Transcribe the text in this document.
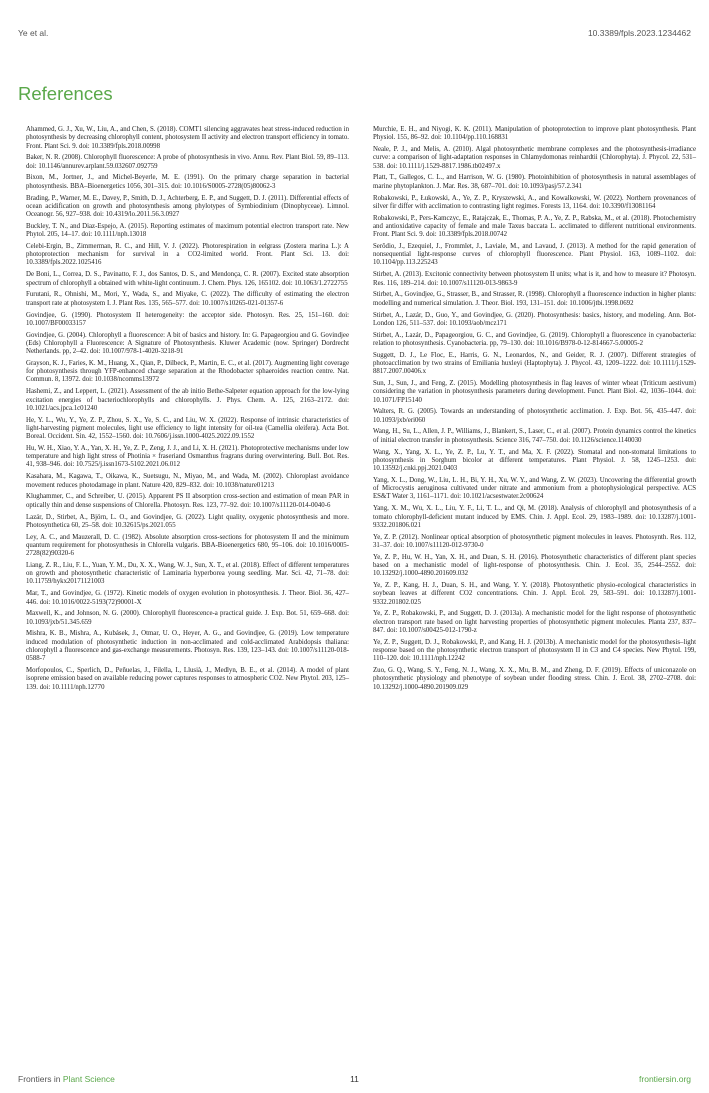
Ye et al.	10.3389/fpls.2023.1234462
References

Ahammed, G. J., Xu, W., Liu, A., and Chen, S. (2018). COMT1 silencing aggravates heat stress-induced reduction in photosynthesis by decreasing chlorophyll content, photosystem II activity and electron transport efficiency in tomato. Front. Plant Sci. 9. doi: 10.3389/fpls.2018.00998

Baker, N. R. (2008). Chlorophyll fluorescence: A probe of photosynthesis in vivo. Annu. Rev. Plant Biol. 59, 89–113. doi: 10.1146/annurev.arplant.59.032607.092759

Bixon, M., Jortner, J., and Michel-Beyerle, M. E. (1991). On the primary charge separation in bacterial photosynthesis. BBA–Bioenergetics 1056, 301–315. doi: 10.1016/S0005-2728(05)80062-3

Brading, P., Warner, M. E., Davey, P., Smith, D. J., Achterberg, E. P., and Suggett, D. J. (2011). Differential effects of ocean acidification on growth and photosynthesis among phylotypes of Symbiodinium (Dinophyceae). Limnol. Oceanogr. 56, 927–938. doi: 10.4319/lo.2011.56.3.0927

Buckley, T. N., and Diaz-Espejo, A. (2015). Reporting estimates of maximum potential electron transport rate. New Phytol. 205, 14–17. doi: 10.1111/nph.13018

Celebi-Ergin, B., Zimmerman, R. C., and Hill, V. J. (2022). Photorespiration in eelgrass (Zostera marina L.): A photoprotection mechanism for survival in a CO2-limited world. Front. Plant Sci. 13. doi: 10.3389/fpls.2022.1025416

De Boni, L., Correa, D. S., Pavinatto, F. J., dos Santos, D. S., and Mendonça, C. R. (2007). Excited state absorption spectrum of chlorophyll a obtained with white-light continuum. J. Chem. Phys. 126, 165102. doi: 10.1063/1.2722755

Furutani, R., Ohnishi, M., Mori, Y., Wada, S., and Miyake, C. (2022). The difficulty of estimating the electron transport rate at photosystem I. J. Plant Res. 135, 565–577. doi: 10.1007/s10265-021-01357-6

Govindjee, G. (1990). Photosystem II heterogeneity: the acceptor side. Photosyn. Res. 25, 151–160. doi: 10.1007/BF00033157

Govindjee, G. (2004). Chlorophyll a fluorescence: A bit of basics and history. In: G. Papageorgiou and G. Govindjee (Eds) Chlorophyll a Fluorescence: A Signature of Photosynthesis. Kluwer Academic (now. Springer) Dordrecht Netherlands. pp, 2–42. doi: 10.1007/978-1-4020-3218-91

Grayson, K. J., Faries, K. M., Huang, X., Qian, P., Dilbeck, P., Martin, E. C., et al. (2017). Augmenting light coverage for photosynthesis through YFP-enhanced charge separation at the Rhodobacter sphaeroides reaction centre. Nat. Commun. 8, 13972. doi: 10.1038/ncomms13972

Hashemi, Z., and Leppert, L. (2021). Assessment of the ab initio Bethe-Salpeter equation approach for the low-lying excitation energies of bacteriochlorophylls and chlorophylls. J. Phys. Chem. A. 125, 2163–2172. doi: 10.1021/acs.jpca.1c01240

He, Y. L., Wu, Y., Ye, Z. P., Zhou, S. X., Ye, S. C., and Liu, W. X. (2022). Response of intrinsic characteristics of light-harvesting pigment molecules, light use efficiency to light intensity for oil-tea (Camellia oleifera). Acta Bot. Boreal. Occident. Sin. 42, 1552–1560. doi: 10.7606/j.issn.1000-4025.2022.09.1552

Hu, W. H., Xiao, Y. A., Yan, X. H., Ye, Z. P., Zeng, J. J., and Li, X. H. (2021). Photoprotective mechanisms under low temperature and high light stress of Photinia × fraseriand Osmanthus fragrans during overwintering. Bull. Bot. Res. 41, 938–946. doi: 10.7525/j.issn1673-5102.2021.06.012

Kasahara, M., Kagawa, T., Oikawa, K., Suetsugu, N., Miyao, M., and Wada, M. (2002). Chloroplast avoidance movement reduces photodamage in plant. Nature 420, 829–832. doi: 10.1038/nature01213

Klughammer, C., and Schreiber, U. (2015). Apparent PS II absorption cross-section and estimation of mean PAR in optically thin and dense suspensions of Chlorella. Photosyn. Res. 123, 77–92. doi: 10.1007/s11120-014-0040-6

Lazár, D., Stirbet, A., Björn, L. O., and Govindjee, G. (2022). Light quality, oxygenic photosynthesis and more. Photosynthetica 60, 25–58. doi: 10.32615/ps.2021.055

Ley, A. C., and Mauzerall, D. C. (1982). Absolute absorption cross-sections for photosystem II and the minimum quantum requirement for photosynthesis in Chlorella vulgaris. BBA-Bioenergetics 680, 95–106. doi: 10.1016/0005-2728(82)90320-6

Liang, Z. R., Liu, F. L., Yuan, Y. M., Du, X. X., Wang, W. J., Sun, X. T., et al. (2018). Effect of different temperatures on growth and photosynthetic characteristic of Laminaria hyperborea young seedling. Mar. Sci. 42, 71–78. doi: 10.11759/hykx20171121003

Mar, T., and Govindjee, G. (1972). Kinetic models of oxygen evolution in photosynthesis. J. Theor. Biol. 36, 427–446. doi: 10.1016/0022-5193(72)90001-X

Maxwell, K., and Johnson, N. G. (2000). Chlorophyll fluorescence-a practical guide. J. Exp. Bot. 51, 659–668. doi: 10.1093/jxb/51.345.659

Mishra, K. B., Mishra, A., Kubásek, J., Otmar, U. O., Heyer, A. G., and Govindjee, G. (2019). Low temperature induced modulation of photosynthetic induction in non-acclimated and cold-acclimated Arabidopsis thaliana: chlorophyll a fluorescence and gas-exchange measurements. Photosyn. Res. 139, 123–143. doi: 10.1007/s11120-018-0588-7

Morfopoulos, C., Sperlich, D., Peñuelas, J., Filella, I., Llusià, J., Medlyn, B. E., et al. (2014). A model of plant isoprene emission based on available reducing power captures responses to atmospheric CO2. New Phytol. 203, 125–139. doi: 10.1111/nph.12770

Murchie, E. H., and Niyogi, K. K. (2011). Manipulation of photoprotection to improve plant photosynthesis. Plant Physiol. 155, 86–92. doi: 10.1104/pp.110.168831

Neale, P. J., and Melis, A. (2010). Algal photosynthetic membrane complexes and the photosynthesis-irradiance curve: a comparison of light-adaptation responses in Chlamydomonas reinhardtii (Chlorophyta). J. Phycol. 22, 531–538. doi: 10.1111/j.1529-8817.1986.tb02497.x

Platt, T., Gallegos, C. L., and Harrison, W. G. (1980). Photoinhibition of photosynthesis in natural assemblages of marine phytoplankton. J. Mar. Res. 38, 687–701. doi: 10.1093/pasj/57.2.341

Robakowski, P., Łukowski, A., Ye, Z. P., Kryszewski, A., and Kowalkowski, W. (2022). Northern provenances of silver fir differ with acclimation to contrasting light regimes. Forests 13, 1164. doi: 10.3390/f13081164

Robakowski, P., Pers-Kamczyc, E., Ratajczak, E., Thomas, P. A., Ye, Z. P., Rabska, M., et al. (2018). Photochemistry and antioxidative capacity of female and male Taxus baccata L. acclimated to different nutritional environments. Front. Plant Sci. 9. doi: 10.3389/fpls.2018.00742

Serôdio, J., Ezequiel, J., Frommlet, J., Laviale, M., and Lavaud, J. (2013). A method for the rapid generation of nonsequential light-response curves of chlorophyll fluorescence. Plant Physiol. 163, 1089–1102. doi: 10.1104/pp.113.225243

Stirbet, A. (2013). Excitonic connectivity between photosystem II units; what is it, and how to measure it? Photosyn. Res. 116, 189–214. doi: 10.1007/s11120-013-9863-9

Stirbet, A., Govindjee, G., Strasser, B., and Strasser, R. (1998). Chlorophyll a fluorescence induction in higher plants: modelling and numerical simulation. J. Theor. Biol. 193, 131–151. doi: 10.1006/jtbi.1998.0692

Stirbet, A., Lazár, D., Guo, Y., and Govindjee, G. (2020). Photosynthesis: basics, history, and modeling. Ann. Bot-London 126, 511–537. doi: 10.1093/aob/mcz171

Stirbet, A., Lazár, D., Papageorgiou, G. C., and Govindjee, G. (2019). Chlorophyll a fluorescence in cyanobacteria: relation to photosynthesis. Cyanobacteria. pp, 79–130. doi: 10.1016/B978-0-12-814667-5.00005-2

Suggett, D. J., Le Floc, E., Harris, G. N., Leonardos, N., and Geider, R. J. (2007). Different strategies of photoacclimation by two strains of Emiliania huxleyi (Haptophyta). J. Phycol. 43, 1209–1222. doi: 10.1111/j.1529-8817.2007.00406.x

Sun, J., Sun, J., and Feng, Z. (2015). Modelling photosynthesis in flag leaves of winter wheat (Triticum aestivum) considering the variation in photosynthesis parameters during development. Funct. Plant Biol. 42, 1036–1044. doi: 10.1071/FP15140

Walters, R. G. (2005). Towards an understanding of photosynthetic acclimation. J. Exp. Bot. 56, 435–447. doi: 10.1093/jxb/eri060

Wang, H., Su, L., Allen, J. P., Williams, J., Blankert, S., Laser, C., et al. (2007). Protein dynamics control the kinetics of initial electron transfer in photosynthesis. Science 316, 747–750. doi: 10.1126/science.1140030

Wang, X., Yang, X. L., Ye, Z. P., Lu, Y. T., and Ma, X. F. (2022). Stomatal and non-stomatal limitations to photosynthesis in Sorghum bicolor at different temperatures. Plant Physiol. J. 58, 1245–1253. doi: 10.13592/j.cnki.ppj.2021.0403

Yang, X. L., Dong, W., Liu, L. H., Bi, Y. H., Xu, W. Y., and Wang, Z. W. (2023). Uncovering the differential growth of Microcystis aeruginosa cultivated under nitrate and ammonium from a photophysiological perspective. ACS ES&T Water 3, 1161–1171. doi: 10.1021/acsestwater.2c00624

Yang, X. M., Wu, X. L., Liu, Y. F., Li, T. L., and Qi, M. (2018). Analysis of chlorophyll and photosynthesis of a tomato chlorophyll-deficient mutant induced by EMS. Chin. J. Appl. Ecol. 29, 1983–1989. doi: 10.13287/j.1001-9332.201806.021

Ye, Z. P. (2012). Nonlinear optical absorption of photosynthetic pigment molecules in leaves. Photosynth. Res. 112, 31–37. doi: 10.1007/s11120-012-9730-0

Ye, Z. P., Hu, W. H., Yan, X. H., and Duan, S. H. (2016). Photosynthetic characteristics of different plant species based on a mechanistic model of light-response of photosynthesis. Chin. J. Ecol. 35, 2544–2552. doi: 10.13292/j.1000-4890.201609.032

Ye, Z. P., Kang, H. J., Duan, S. H., and Wang, Y. Y. (2018). Photosynthetic physio-ecological characteristics in soybean leaves at different CO2 concentrations. Chin. J. Appl. Ecol. 29, 583–591. doi: 10.13287/j.1001-9332.201802.025

Ye, Z. P., Robakowski, P., and Suggett, D. J. (2013a). A mechanistic model for the light response of photosynthetic electron transport rate based on light harvesting properties of photosynthetic pigment molecules. Planta 237, 837–847. doi: 10.1007/s00425-012-1790-z

Ye, Z. P., Suggett, D. J., Robakowski, P., and Kang, H. J. (2013b). A mechanistic model for the photosynthesis–light response based on the photosynthetic electron transport of photosystem II in C3 and C4 species. New Phytol. 199, 110–120. doi: 10.1111/nph.12242

Zuo, G. Q., Wang, S. Y., Feng, N. J., Wang, X. X., Mu, B. M., and Zheng, D. F. (2019). Effects of uniconazole on photosynthetic physiology and phenotype of soybean under flooding stress. Chin. J. Ecol. 38, 2702–2708. doi: 10.13292/j.1000-4890.201909.029

Frontiers in Plant Science	11	frontiersin.org
